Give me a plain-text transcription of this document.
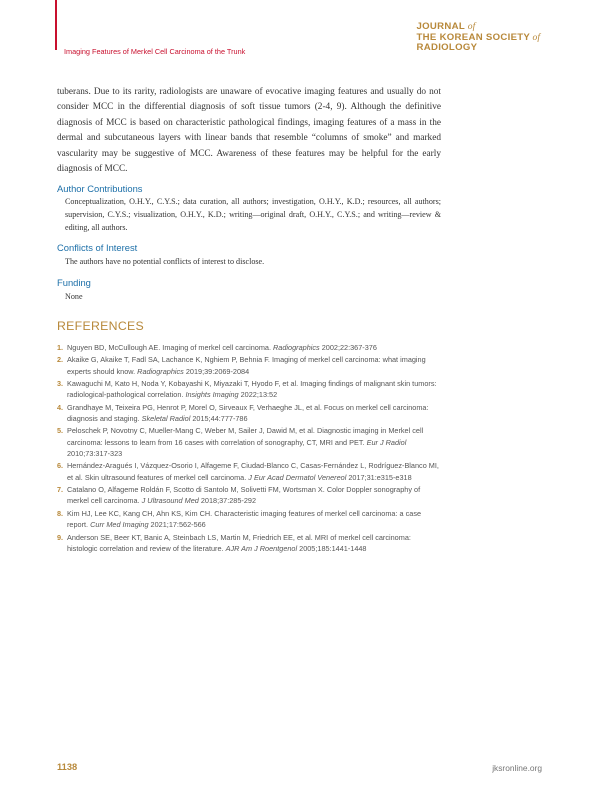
Imaging Features of Merkel Cell Carcinoma of the Trunk
JOURNAL of
THE KOREAN SOCIETY of
RADIOLOGY

tuberans. Due to its rarity, radiologists are unaware of evocative imaging features and usually do not consider MCC in the differential diagnosis of soft tissue tumors (2-4, 9). Although the definitive diagnosis of MCC is based on characteristic pathological findings, imaging features of a mass in the dermal and subcutaneous layers with linear bands that resemble “columns of smoke” and marked vascularity may be suggestive of MCC. Awareness of these features may be helpful for the early diagnosis of MCC.

Author Contributions
Conceptualization, O.H.Y., C.Y.S.; data curation, all authors; investigation, O.H.Y., K.D.; resources, all authors; supervision, C.Y.S.; visualization, O.H.Y., K.D.; writing—original draft, O.H.Y., C.Y.S.; and writing—review & editing, all authors.
Conflicts of Interest
The authors have no potential conflicts of interest to disclose.
Funding
None
REFERENCES
1. Nguyen BD, McCullough AE. Imaging of merkel cell carcinoma. Radiographics 2002;22:367-376
2. Akaike G, Akaike T, Fadl SA, Lachance K, Nghiem P, Behnia F. Imaging of merkel cell carcinoma: what imaging experts should know. Radiographics 2019;39:2069-2084
3. Kawaguchi M, Kato H, Noda Y, Kobayashi K, Miyazaki T, Hyodo F, et al. Imaging findings of malignant skin tumors: radiological-pathological correlation. Insights Imaging 2022;13:52
4. Grandhaye M, Teixeira PG, Henrot P, Morel O, Sirveaux F, Verhaeghe JL, et al. Focus on merkel cell carcinoma: diagnosis and staging. Skeletal Radiol 2015;44:777-786
5. Peloschek P, Novotny C, Mueller-Mang C, Weber M, Sailer J, Dawid M, et al. Diagnostic imaging in Merkel cell carcinoma: lessons to learn from 16 cases with correlation of sonography, CT, MRI and PET. Eur J Radiol 2010;73:317-323
6. Hernández-Aragués I, Vázquez-Osorio I, Alfageme F, Ciudad-Blanco C, Casas-Fernández L, Rodríguez-Blanco MI, et al. Skin ultrasound features of merkel cell carcinoma. J Eur Acad Dermatol Venereol 2017;31:e315-e318
7. Catalano O, Alfageme Roldán F, Scotto di Santolo M, Solivetti FM, Wortsman X. Color Doppler sonography of merkel cell carcinoma. J Ultrasound Med 2018;37:285-292
8. Kim HJ, Lee KC, Kang CH, Ahn KS, Kim CH. Characteristic imaging features of merkel cell carcinoma: a case report. Curr Med Imaging 2021;17:562-566
9. Anderson SE, Beer KT, Banic A, Steinbach LS, Martin M, Friedrich EE, et al. MRI of merkel cell carcinoma: histologic correlation and review of the literature. AJR Am J Roentgenol 2005;185:1441-1448
1138	jksronline.org
